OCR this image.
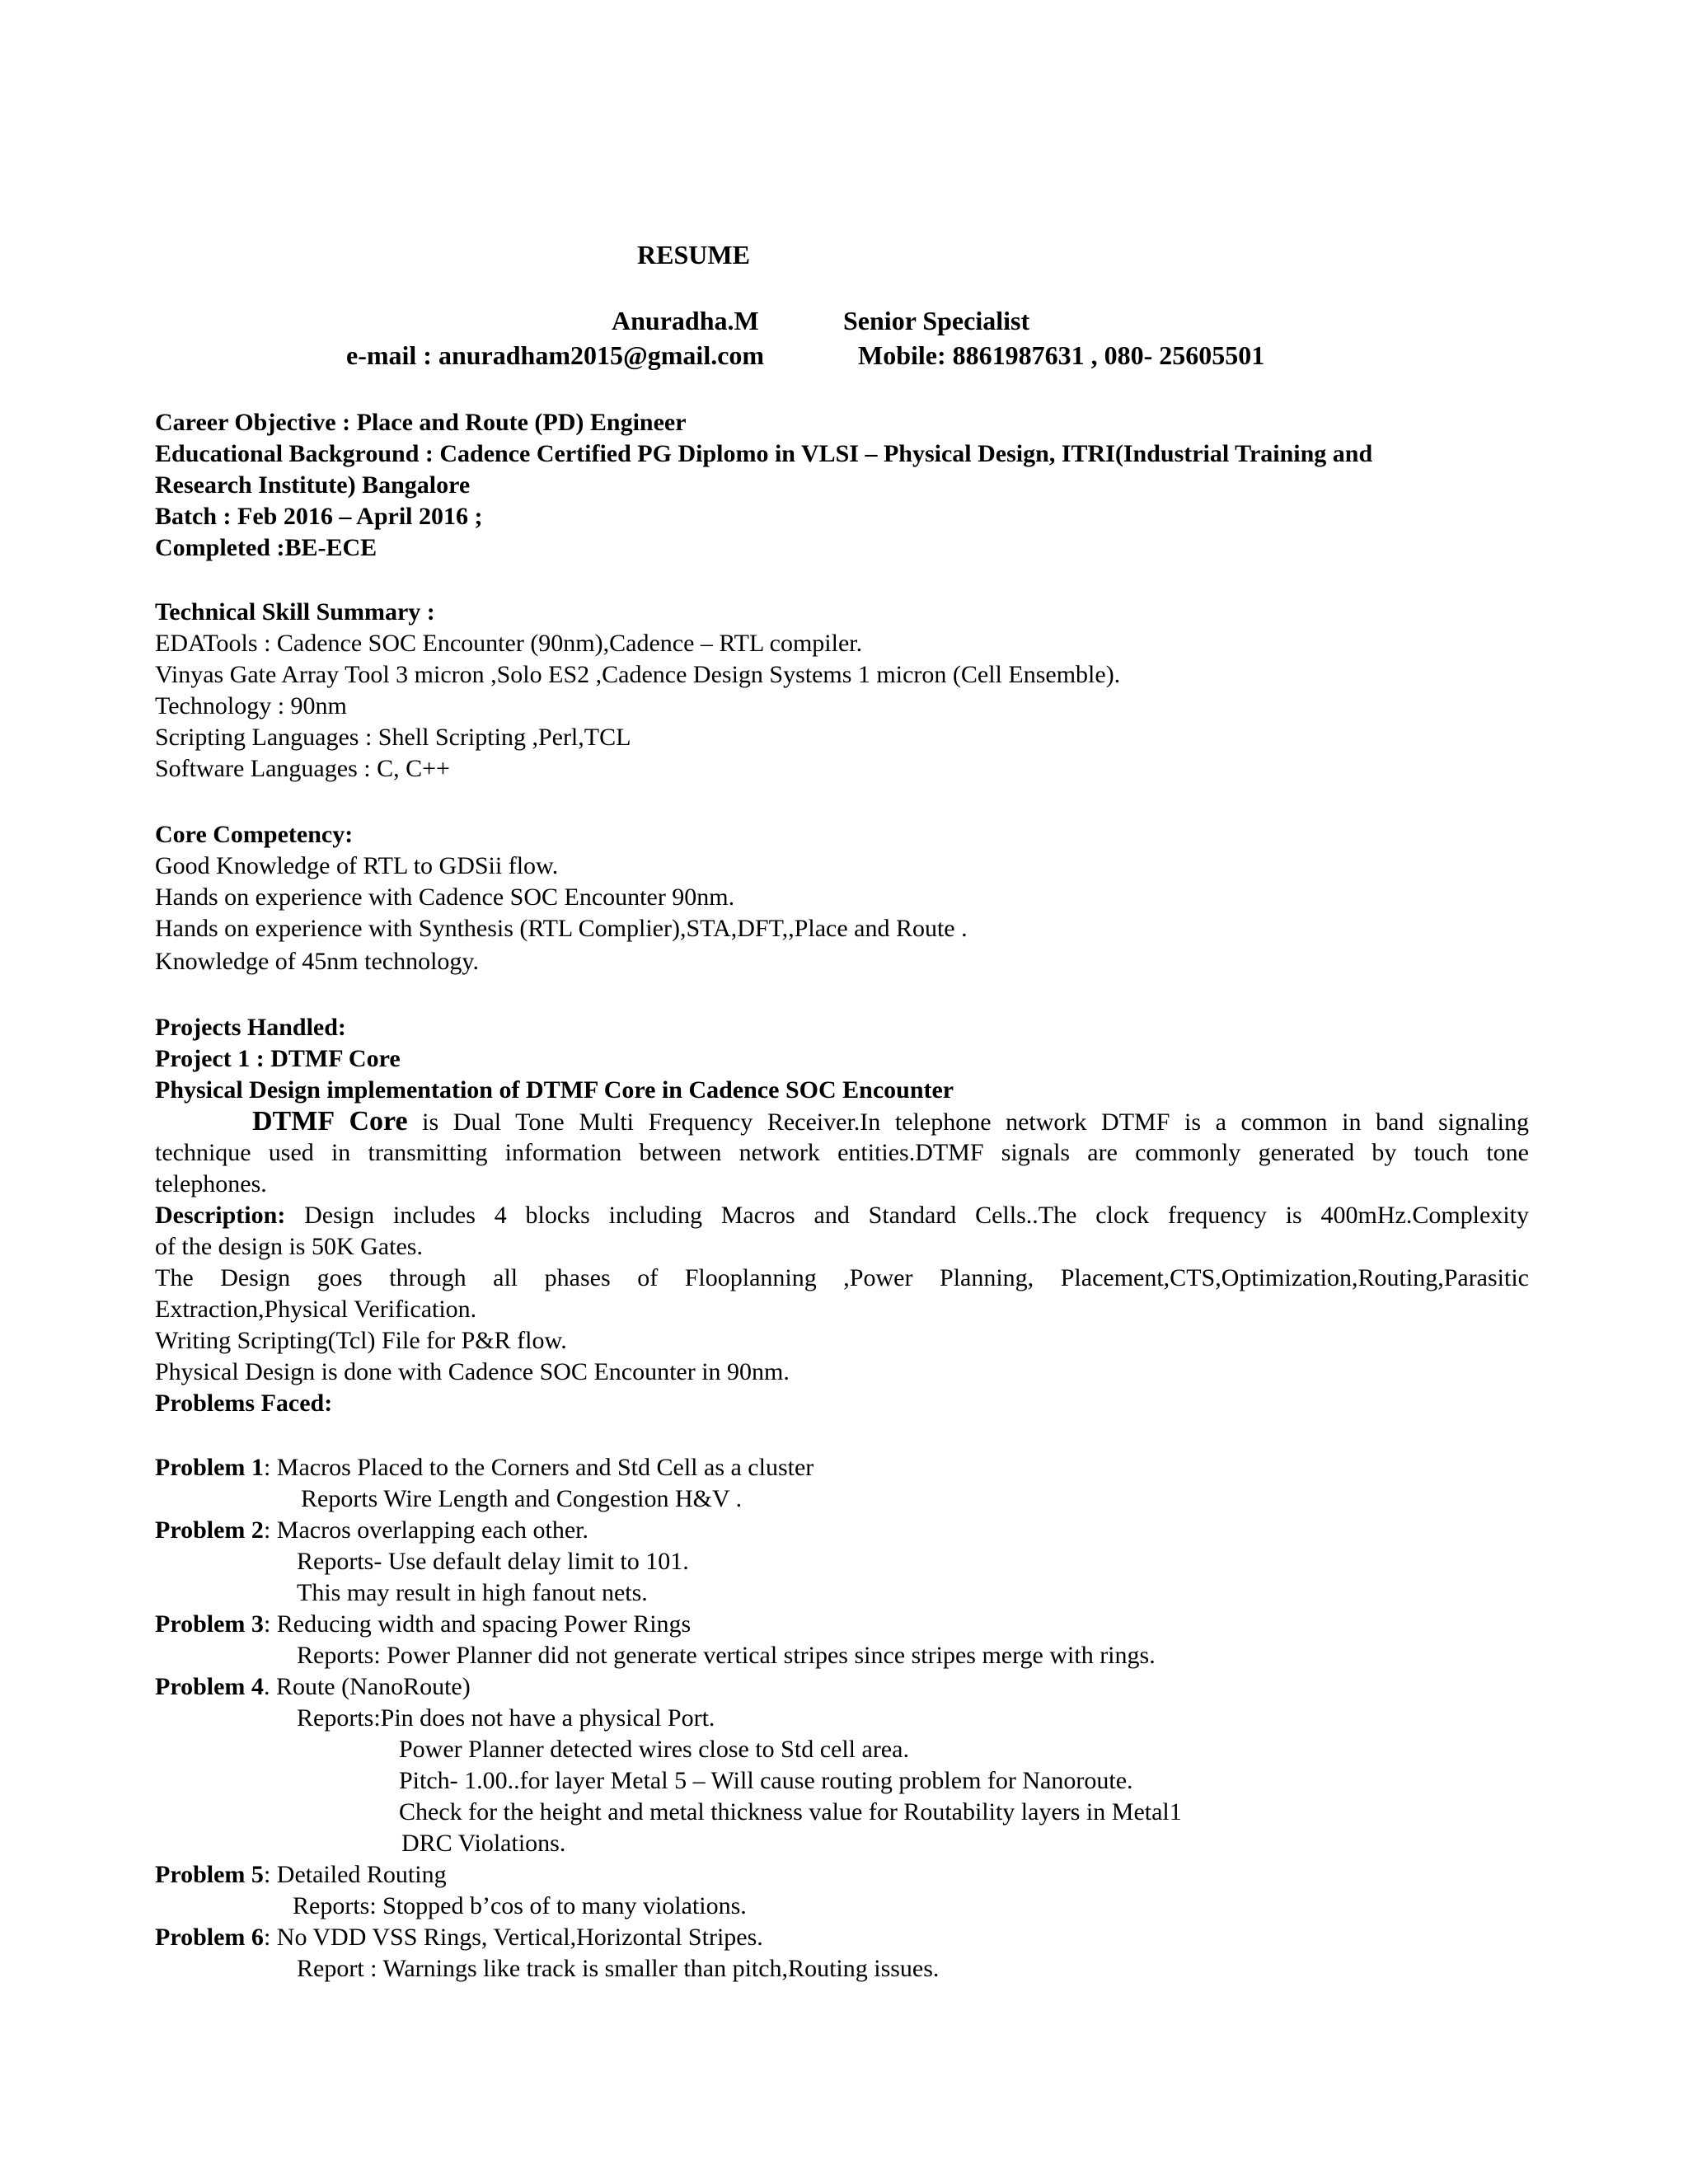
RESUME

Anuradha.M	Senior Specialist

e-mail : anuradham2015@gmail.com	Mobile: 8861987631 , 080- 25605501

Career Objective : Place and Route (PD) Engineer

Educational Background : Cadence Certified PG Diplomo in VLSI – Physical Design, ITRI(Industrial Training and

Research Institute) Bangalore

Batch : Feb 2016 – April 2016 ;

Completed :BE-ECE

Technical Skill Summary :

EDATools : Cadence SOC Encounter (90nm),Cadence – RTL compiler.

Vinyas Gate Array Tool 3 micron ,Solo ES2 ,Cadence Design Systems 1 micron (Cell Ensemble).

Technology : 90nm

Scripting Languages : Shell Scripting ,Perl,TCL

Software Languages : C, C++

Core Competency:

Good Knowledge of RTL to GDSii flow.

Hands on experience with Cadence SOC Encounter 90nm.

Hands on experience with Synthesis (RTL Complier),STA,DFT,,Place and Route .

Knowledge of 45nm technology.

Projects Handled:

Project 1 : DTMF Core

Physical Design implementation of DTMF Core in Cadence SOC Encounter

DTMF Core is Dual Tone Multi Frequency Receiver.In telephone network DTMF is a common in band signaling

technique used in transmitting information between network entities.DTMF signals are commonly generated by touch tone

telephones.

Description: Design includes 4 blocks including Macros and Standard Cells..The clock frequency is 400mHz.Complexity

of the design is 50K Gates.

The Design goes through all phases of Flooplanning ,Power Planning, Placement,CTS,Optimization,Routing,Parasitic

Extraction,Physical Verification.

Writing Scripting(Tcl) File for P&R flow.

Physical Design is done with Cadence SOC Encounter in 90nm.

Problems Faced:

Problem 1: Macros Placed to the Corners and Std Cell as a cluster

Reports Wire Length and Congestion H&V .

Problem 2: Macros overlapping each other.

Reports- Use default delay limit to 101.

This may result in high fanout nets.

Problem 3: Reducing width and spacing Power Rings

Reports: Power Planner did not generate vertical stripes since stripes merge with rings.

Problem 4. Route (NanoRoute)

Reports:Pin does not have a physical Port.

Power Planner detected wires close to Std cell area.

Pitch- 1.00..for layer Metal 5 – Will cause routing problem for Nanoroute.

Check for the height and metal thickness value for Routability layers in Metal1

DRC Violations.

Problem 5: Detailed Routing

Reports: Stopped b’cos of to many violations.

Problem 6: No VDD VSS Rings, Vertical,Horizontal Stripes.

Report : Warnings like track is smaller than pitch,Routing issues.
